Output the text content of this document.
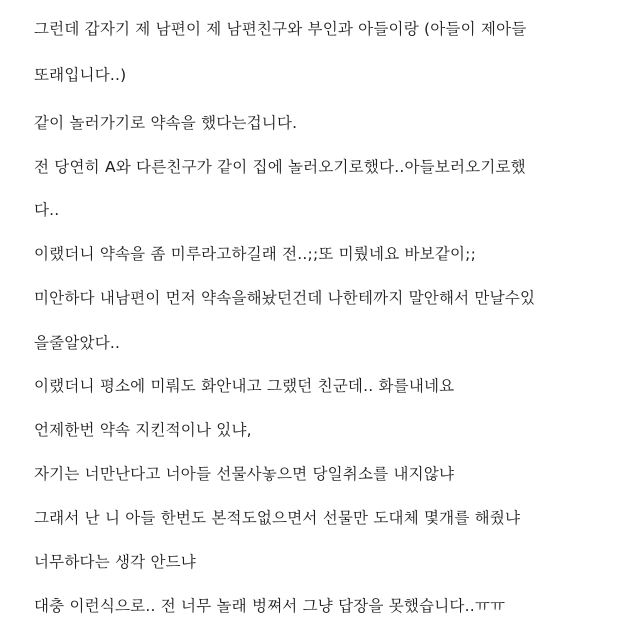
그런데 갑자기 제 남편이 제 남편친구와 부인과 아들이랑 (아들이 제아들
또래입니다..)
같이 놀러가기로 약속을 했다는겁니다.
전 당연히 A와 다른친구가 같이 집에 놀러오기로했다..아들보러오기로했
다..
이랬더니 약속을 좀 미루라고하길래 전..;;또 미뤘네요 바보같이;;
미안하다 내남편이 먼저 약속을해놨던건데 나한테까지 말안해서 만날수있
을줄알았다..
이랬더니 평소에 미뤄도 화안내고 그랬던 친군데.. 화를내네요
언제한번 약속 지킨적이나 있냐,
자기는 너만난다고 너아들 선물사놓으면 당일취소를 내지않냐
그래서 난 니 아들 한번도 본적도없으면서 선물만 도대체 몇개를 해줬냐
너무하다는 생각 안드냐
대충 이런식으로.. 전 너무 놀래 벙쪄서 그냥 답장을 못했습니다..ㅠㅠ
